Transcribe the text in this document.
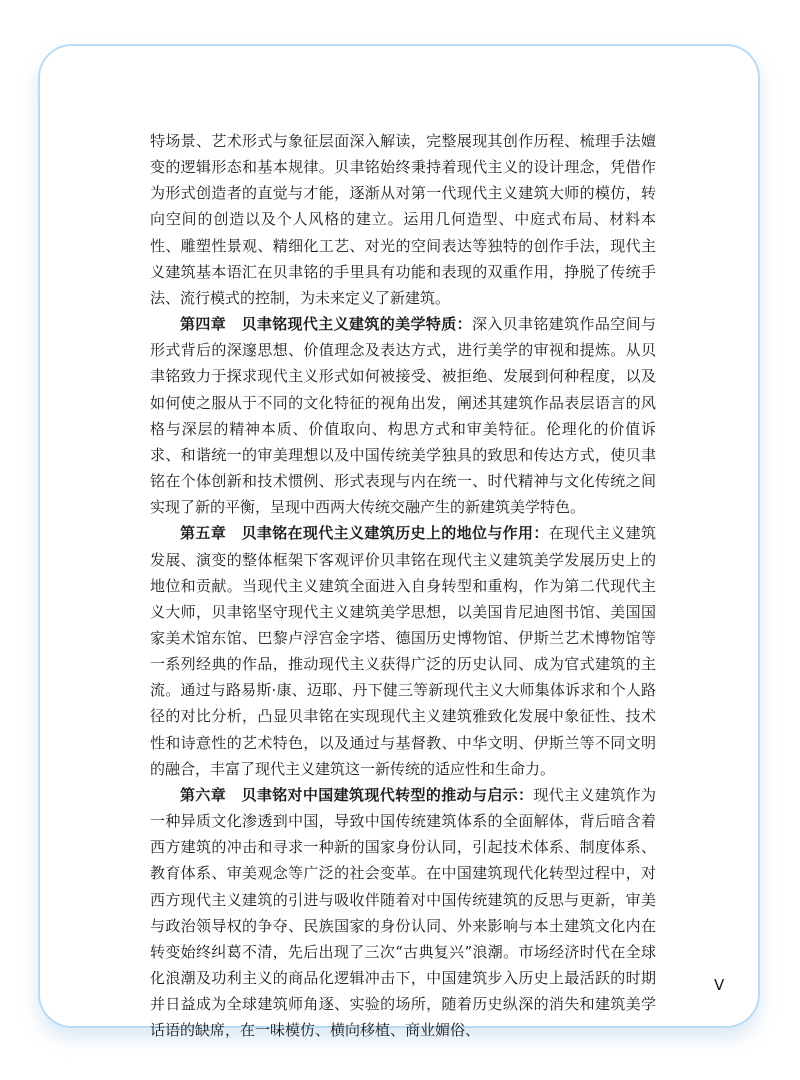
特场景、艺术形式与象征层面深入解读，完整展现其创作历程、梳理手法嬗变的逻辑形态和基本规律。贝聿铭始终秉持着现代主义的设计理念，凭借作为形式创造者的直觉与才能，逐渐从对第一代现代主义建筑大师的模仿，转向空间的创造以及个人风格的建立。运用几何造型、中庭式布局、材料本性、雕塑性景观、精细化工艺、对光的空间表达等独特的创作手法，现代主义建筑基本语汇在贝聿铭的手里具有功能和表现的双重作用，挣脱了传统手法、流行模式的控制，为未来定义了新建筑。

第四章　贝聿铭现代主义建筑的美学特质：深入贝聿铭建筑作品空间与形式背后的深邃思想、价值理念及表达方式，进行美学的审视和提炼。从贝聿铭致力于探求现代主义形式如何被接受、被拒绝、发展到何种程度，以及如何使之服从于不同的文化特征的视角出发，阐述其建筑作品表层语言的风格与深层的精神本质、价值取向、构思方式和审美特征。伦理化的价值诉求、和谐统一的审美理想以及中国传统美学独具的致思和传达方式，使贝聿铭在个体创新和技术惯例、形式表现与内在统一、时代精神与文化传统之间实现了新的平衡，呈现中西两大传统交融产生的新建筑美学特色。

第五章　贝聿铭在现代主义建筑历史上的地位与作用：在现代主义建筑发展、演变的整体框架下客观评价贝聿铭在现代主义建筑美学发展历史上的地位和贡献。当现代主义建筑全面进入自身转型和重构，作为第二代现代主义大师，贝聿铭坚守现代主义建筑美学思想，以美国肯尼迪图书馆、美国国家美术馆东馆、巴黎卢浮宫金字塔、德国历史博物馆、伊斯兰艺术博物馆等一系列经典的作品，推动现代主义获得广泛的历史认同、成为官式建筑的主流。通过与路易斯·康、迈耶、丹下健三等新现代主义大师集体诉求和个人路径的对比分析，凸显贝聿铭在实现现代主义建筑雅致化发展中象征性、技术性和诗意性的艺术特色，以及通过与基督教、中华文明、伊斯兰等不同文明的融合，丰富了现代主义建筑这一新传统的适应性和生命力。

第六章　贝聿铭对中国建筑现代转型的推动与启示：现代主义建筑作为一种异质文化渗透到中国，导致中国传统建筑体系的全面解体，背后暗含着西方建筑的冲击和寻求一种新的国家身份认同，引起技术体系、制度体系、教育体系、审美观念等广泛的社会变革。在中国建筑现代化转型过程中，对西方现代主义建筑的引进与吸收伴随着对中国传统建筑的反思与更新，审美与政治领导权的争夺、民族国家的身份认同、外来影响与本土建筑文化内在转变始终纠葛不清，先后出现了三次“古典复兴”浪潮。市场经济时代在全球化浪潮及功利主义的商品化逻辑冲击下，中国建筑步入历史上最活跃的时期并日益成为全球建筑师角逐、实验的场所，随着历史纵深的消失和建筑美学话语的缺席，在一味模仿、横向移植、商业媚俗、

V
